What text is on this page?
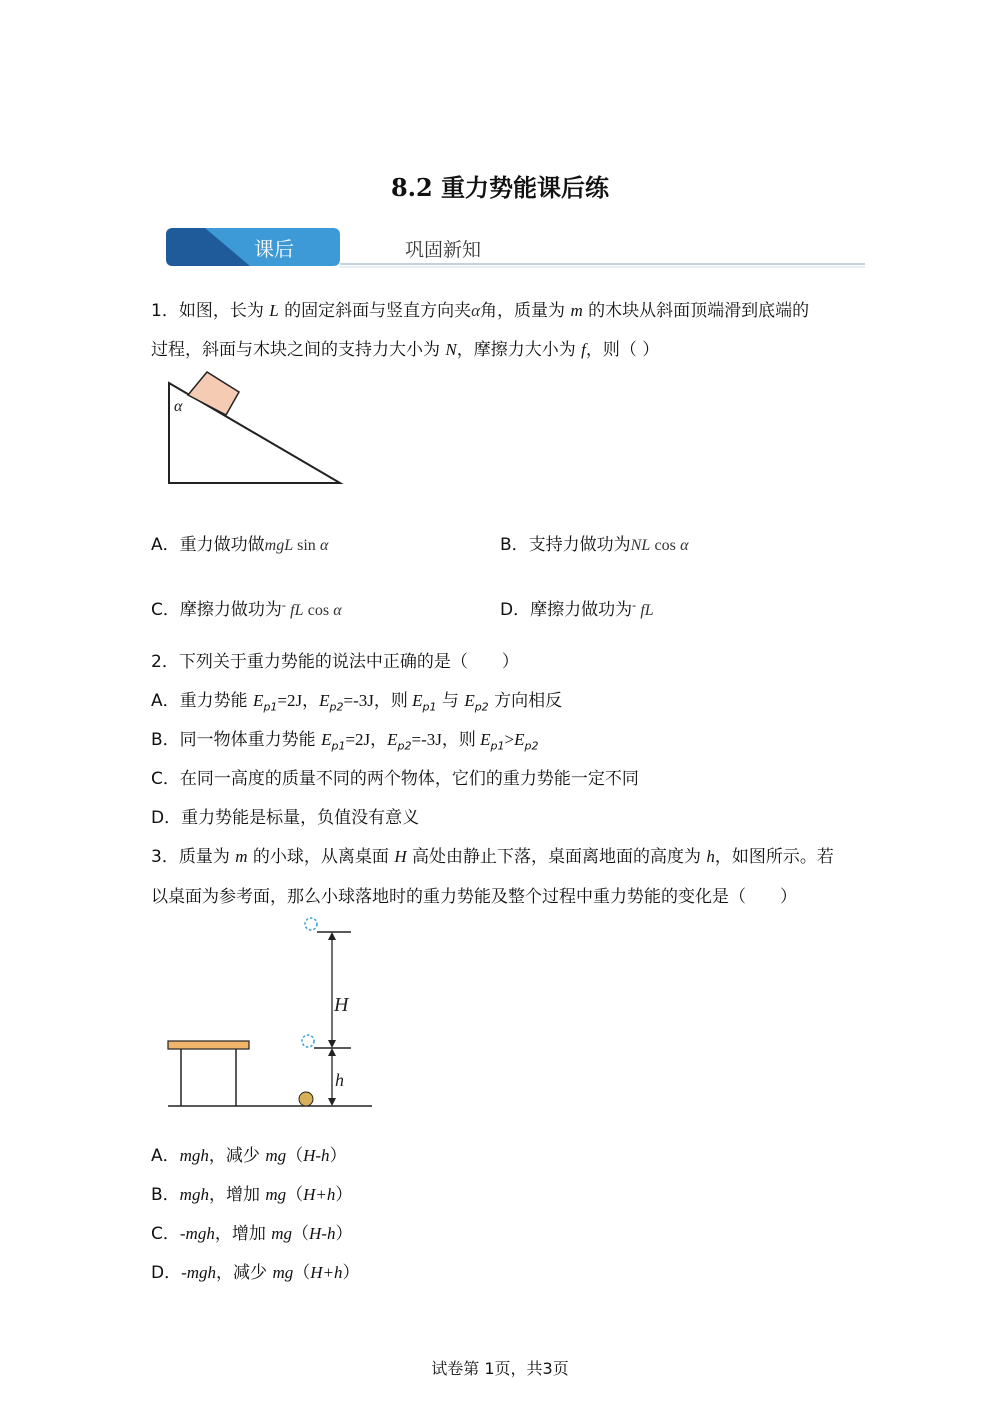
8.2 重力势能课后练
课后	巩固新知
1．如图，长为 L 的固定斜面与竖直方向夹α角，质量为 m 的木块从斜面顶端滑到底端的
过程，斜面与木块之间的支持力大小为 N，摩擦力大小为 f，则（ ）
α
A．重力做功做mgL sin α	B．支持力做功为NL cos α
C．摩擦力做功为- fL cos α	D．摩擦力做功为- fL
2．下列关于重力势能的说法中正确的是（　　）
A．重力势能 $E_{p1}=2J$，$E_{p2}=-3J$，则 $E_{p1}$ 与 $E_{p2}$ 方向相反
B．同一物体重力势能 $E_{p1}=2J$，$E_{p2}=-3J$，则 $E_{p1}>E_{p2}$
C．在同一高度的质量不同的两个物体，它们的重力势能一定不同
D．重力势能是标量，负值没有意义
3．质量为 m 的小球，从离桌面 H 高处由静止下落，桌面离地面的高度为 h，如图所示。若
以桌面为参考面，那么小球落地时的重力势能及整个过程中重力势能的变化是（　　）
H
h
A．mgh，减少 mg（H-h）
B．mgh，增加 mg（H+h）
C．-mgh，增加 mg（H-h）
D．-mgh，减少 mg（H+h）
试卷第 1页，共3页
